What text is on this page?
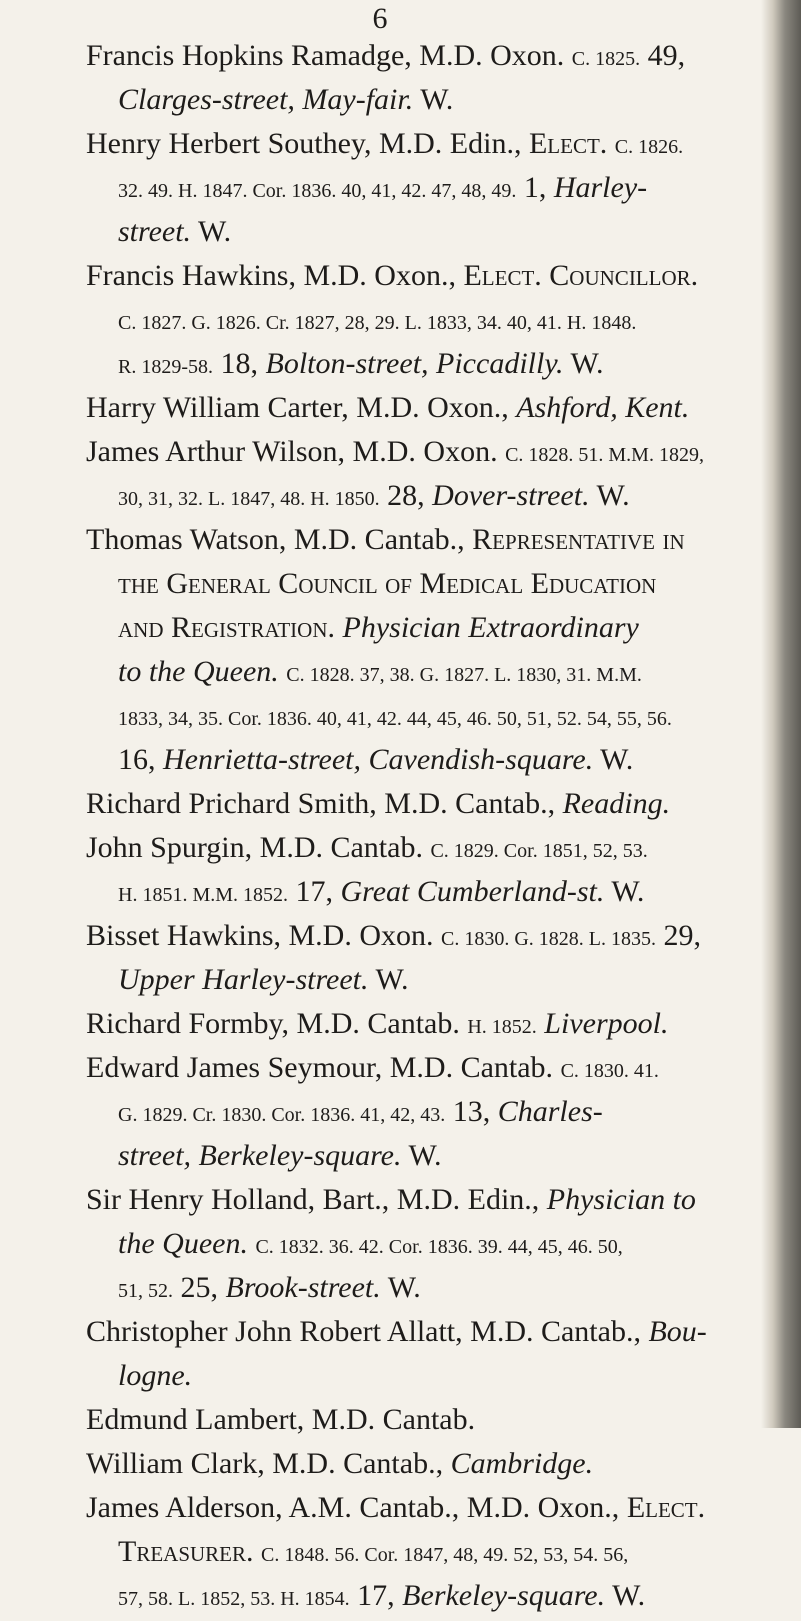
6
Francis Hopkins Ramadge, M.D. Oxon. C. 1825. 49,
Clarges-street, May-fair. W.
Henry Herbert Southey, M.D. Edin., Elect. C. 1826.
32. 49. H. 1847. Cor. 1836. 40, 41, 42. 47, 48, 49. 1, Harley-
street. W.
Francis Hawkins, M.D. Oxon., Elect. Councillor.
C. 1827. G. 1826. Cr. 1827, 28, 29. L. 1833, 34. 40, 41. H. 1848.
R. 1829-58. 18, Bolton-street, Piccadilly. W.
Harry William Carter, M.D. Oxon., Ashford, Kent.
James Arthur Wilson, M.D. Oxon. C. 1828. 51. M.M. 1829,
30, 31, 32. L. 1847, 48. H. 1850. 28, Dover-street. W.
Thomas Watson, M.D. Cantab., Representative in
the General Council of Medical Education
and Registration. Physician Extraordinary
to the Queen. C. 1828. 37, 38. G. 1827. L. 1830, 31. M.M.
1833, 34, 35. Cor. 1836. 40, 41, 42. 44, 45, 46. 50, 51, 52. 54, 55, 56.
16, Henrietta-street, Cavendish-square. W.
Richard Prichard Smith, M.D. Cantab., Reading.
John Spurgin, M.D. Cantab. C. 1829. Cor. 1851, 52, 53.
H. 1851. M.M. 1852. 17, Great Cumberland-st. W.
Bisset Hawkins, M.D. Oxon. C. 1830. G. 1828. L. 1835. 29,
Upper Harley-street. W.
Richard Formby, M.D. Cantab. H. 1852. Liverpool.
Edward James Seymour, M.D. Cantab. C. 1830. 41.
G. 1829. Cr. 1830. Cor. 1836. 41, 42, 43. 13, Charles-
street, Berkeley-square. W.
Sir Henry Holland, Bart., M.D. Edin., Physician to
the Queen. C. 1832. 36. 42. Cor. 1836. 39. 44, 45, 46. 50,
51, 52. 25, Brook-street. W.
Christopher John Robert Allatt, M.D. Cantab., Bou-
logne.
Edmund Lambert, M.D. Cantab.
William Clark, M.D. Cantab., Cambridge.
James Alderson, A.M. Cantab., M.D. Oxon., Elect.
Treasurer. C. 1848. 56. Cor. 1847, 48, 49. 52, 53, 54. 56,
57, 58. L. 1852, 53. H. 1854. 17, Berkeley-square. W.
